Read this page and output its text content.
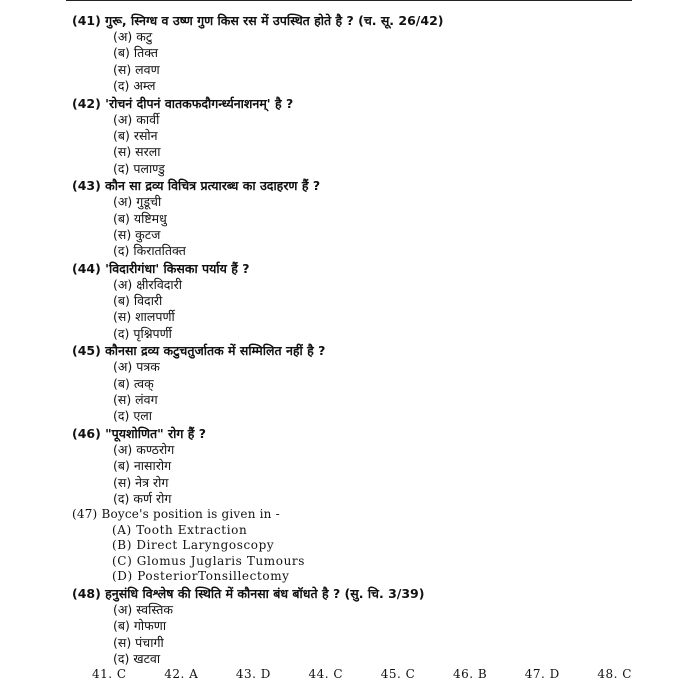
(41) गुरू, स्निग्ध व उष्ण गुण किस रस में उपस्थित होते है ? (च. सू. 26/42)
(अ) कटु
(ब) तिक्त
(स) लवण
(द) अम्ल
(42) 'रोचनं दीपनं वातकफदौगर्न्ध्यनाशनम्' है ?
(अ) कार्वी
(ब) रसोन
(स) सरला
(द) पलाण्डु
(43) कौन सा द्रव्य विचित्र प्रत्यारब्ध का उदाहरण हैं ?
(अ) गुडूची
(ब) यष्टिमधु
(स) कुटज
(द) किराततिक्त
(44) 'विदारीगंधा' किसका पर्याय हैं ?
(अ) क्षीरविदारी
(ब) विदारी
(स) शालपर्णी
(द) पृश्निपर्णी
(45) कौनसा द्रव्य कटुचतुर्जातक में सम्मिलित नहीं है ?
(अ) पत्रक
(ब) त्वक्
(स) लंवग
(द) एला
(46) "पूयशोणित" रोग हैं ?
(अ) कण्ठरोग
(ब) नासारोग
(स) नेत्र रोग
(द) कर्ण रोग
(47) Boyce's position is given in -
(A) Tooth Extraction
(B) Direct Laryngoscopy
(C) Glomus Juglaris Tumours
(D) PosteriorTonsillectomy
(48) हनुसंधि विश्लेष की स्थिति में कौनसा बंध बॉधते है ? (सु. चि. 3/39)
(अ) स्वस्तिक
(ब) गोफणा
(स) पंचागी
(द) खटवा
41. C	42. A	43. D	44. C	45. C	46. B	47. D	48. C
